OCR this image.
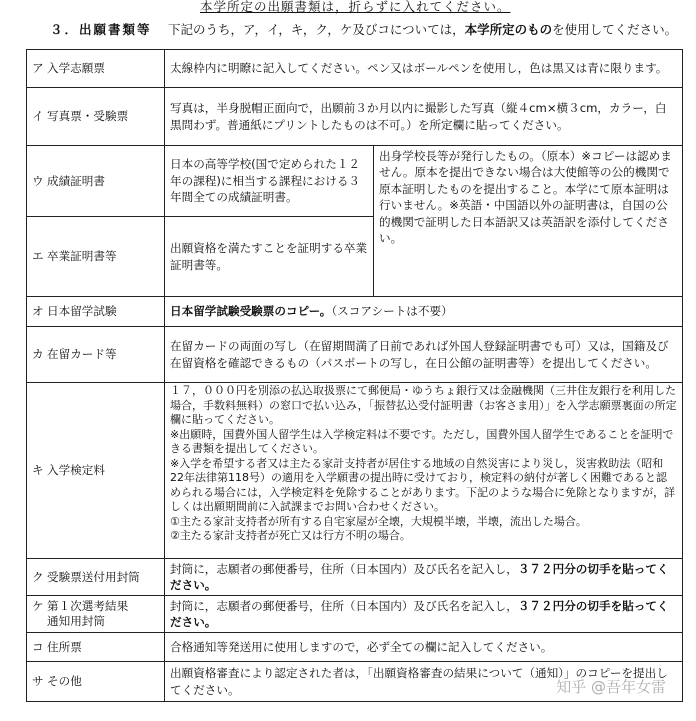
本学所定の出願書類は，折らずに入れてください。
３．出願書類等 下記のうち，ア，イ，キ，ク，ケ及びコについては，本学所定のものを使用してください。
ア 入学志願票	太線枠内に明瞭に記入してください。ペン又はボールペンを使用し，色は黒又は青に限ります。	
イ 写真票・受験票	写真は，半身脱帽正面向で，出願前３か月以内に撮影した写真（縦４cm×横３cm，カラー，白黒問わず。普通紙にプリントしたものは不可。）を所定欄に貼ってください。	
ウ 成績証明書	日本の高等学校(国で定められた１２年の課程)に相当する課程における３年間全ての成績証明書。	出身学校長等が発行したもの。（原本）※コピーは認めません。原本を提出できない場合は大使館等の公的機関で原本証明したものを提出すること。本学にて原本証明は行いません。※英語・中国語以外の証明書は，自国の公的機関で証明した日本語訳又は英語訳を添付してください。
エ 卒業証明書等	出願資格を満たすことを証明する卒業証明書等。	
オ 日本留学試験	日本留学試験受験票のコピー。（スコアシートは不要）	
カ 在留カード等	在留カードの両面の写し（在留期間満了日前であれば外国人登録証明書でも可）又は，国籍及び在留資格を確認できるもの（パスポートの写し，在日公館の証明書等）を提出してください。	
キ 入学検定料	１７，０００円を別添の払込取扱票にて郵便局・ゆうちょ銀行又は金融機関（三井住友銀行を利用した場合，手数料無料）の窓口で払い込み，「振替払込受付証明書（お客さま用）」を入学志願票裏面の所定欄に貼ってください。
※出願時，国費外国人留学生は入学検定料は不要です。ただし，国費外国人留学生であることを証明できる書類を提出してください。
※入学を希望する者又は主たる家計支持者が居住する地域の自然災害により災し，災害救助法（昭和22年法律第118号）の適用を入学願書の提出時に受けており，検定料の納付が著しく困難であると認められる場合には，入学検定料を免除することがあります。下記のような場合に免除となりますが，詳しくは出願期間前に入試課までお問い合わせください。
①主たる家計支持者が所有する自宅家屋が全壊，大規模半壊，半壊，流出した場合。
②主たる家計支持者が死亡又は行方不明の場合。	

ク 受験票送付用封筒	封筒に，志願者の郵便番号，住所（日本国内）及び氏名を記入し，３７２円分の切手を貼ってください。	
ケ 第１次選考結果
通知用封筒	封筒に，志願者の郵便番号，住所（日本国内）及び氏名を記入し，３７２円分の切手を貼ってください。	
コ 住所票	合格通知等発送用に使用しますので，必ず全ての欄に記入してください。	
サ その他	出願資格審査により認定された者は，「出願資格審査の結果について（通知）」のコピーを提出してください。		知乎 @吾年女雷
